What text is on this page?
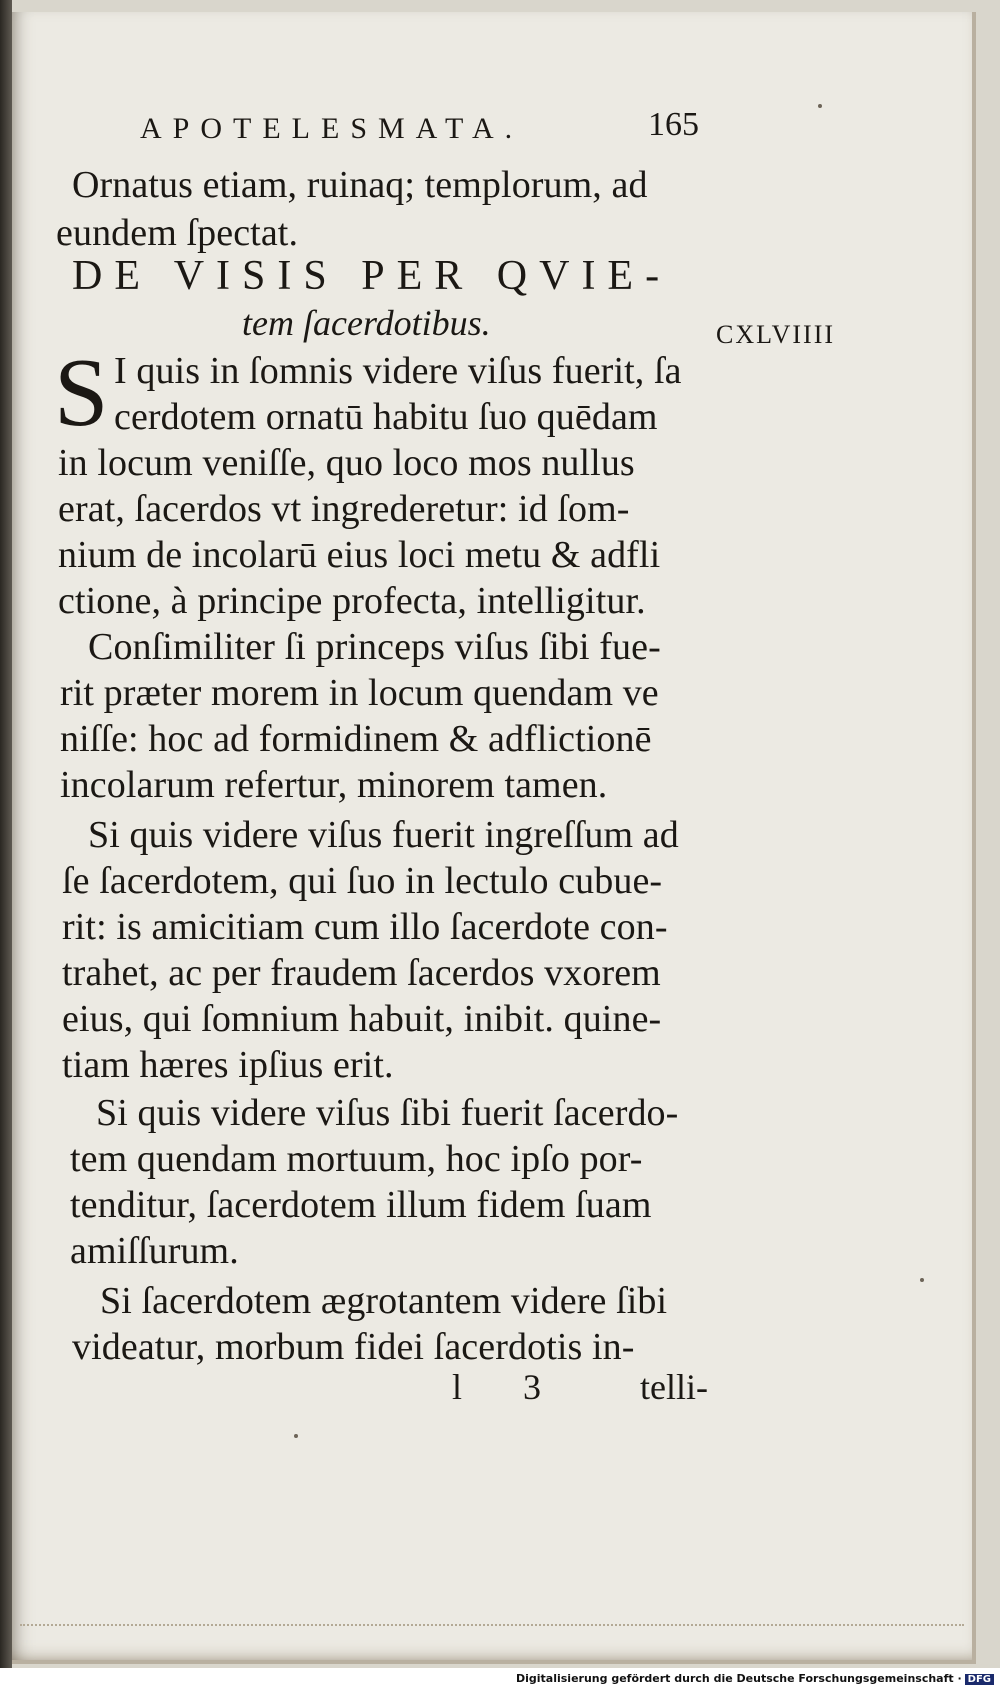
APOTELESMATA.	165
Ornatus etiam, ruinaq; templorum, ad
eundem ſpectat.
DE VISIS PER QVIE-
tem ſacerdotibus.	CXLVIIII
S I quis in ſomnis videre viſus fuerit, ſa
cerdotem ornatū habitu ſuo quēdam
in locum veniſſe, quo loco mos nullus
erat, ſacerdos vt ingrederetur: id ſom-
nium de incolarū eius loci metu & adfli
ctione, à principe profecta, intelligitur.
Conſimiliter ſi princeps viſus ſibi fue-
rit præter morem in locum quendam ve
niſſe: hoc ad formidinem & adflictionē
incolarum refertur, minorem tamen.
Si quis videre viſus fuerit ingreſſum ad
ſe ſacerdotem, qui ſuo in lectulo cubue-
rit: is amicitiam cum illo ſacerdote con-
trahet, ac per fraudem ſacerdos vxorem
eius, qui ſomnium habuit, inibit. quine-
tiam hæres ipſius erit.
Si quis videre viſus ſibi fuerit ſacerdo-
tem quendam mortuum, hoc ipſo por-
tenditur, ſacerdotem illum fidem ſuam
amiſſurum.
Si ſacerdotem ægrotantem videre ſibi
videatur, morbum fidei ſacerdotis in-
l 3 telli-
Digitalisierung gefördert durch die Deutsche Forschungsgemeinschaft · DFG
